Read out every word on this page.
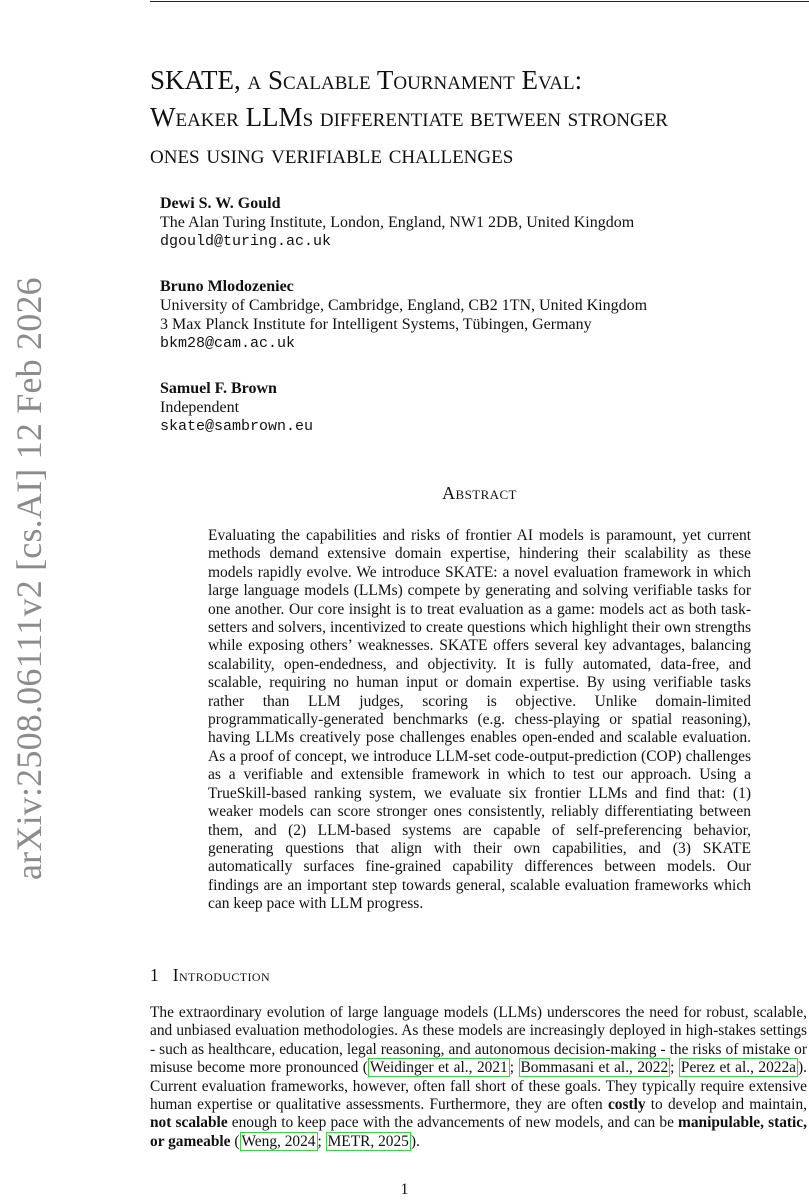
arXiv:2508.06111v2 [cs.AI] 12 Feb 2026
SKATE, a Scalable Tournament Eval:
Weaker LLMs differentiate between stronger
ones using verifiable challenges
Dewi S. W. Gould
The Alan Turing Institute, London, England, NW1 2DB, United Kingdom
dgould@turing.ac.uk
Bruno Mlodozeniec
University of Cambridge, Cambridge, England, CB2 1TN, United Kingdom
3 Max Planck Institute for Intelligent Systems, Tübingen, Germany
bkm28@cam.ac.uk
Samuel F. Brown
Independent
skate@sambrown.eu
Abstract
Evaluating the capabilities and risks of frontier AI models is paramount, yet current methods demand extensive domain expertise, hindering their scalability as these models rapidly evolve. We introduce SKATE: a novel evaluation framework in which large language models (LLMs) compete by generating and solving verifiable tasks for one another. Our core insight is to treat evaluation as a game: models act as both task-setters and solvers, incentivized to create questions which highlight their own strengths while exposing others’ weaknesses. SKATE offers several key advantages, balancing scalability, open-endedness, and objectivity. It is fully automated, data-free, and scalable, requiring no human input or domain expertise. By using verifiable tasks rather than LLM judges, scoring is objective. Unlike domain-limited programmatically-generated benchmarks (e.g. chess-playing or spatial reasoning), having LLMs creatively pose challenges enables open-ended and scalable evaluation. As a proof of concept, we introduce LLM-set code-output-prediction (COP) challenges as a verifiable and extensible framework in which to test our approach. Using a TrueSkill-based ranking system, we evaluate six frontier LLMs and find that: (1) weaker models can score stronger ones consistently, reliably differentiating between them, and (2) LLM-based systems are capable of self-preferencing behavior, generating questions that align with their own capabilities, and (3) SKATE automatically surfaces fine-grained capability differences between models. Our findings are an important step towards general, scalable evaluation frameworks which can keep pace with LLM progress.
1 Introduction
The extraordinary evolution of large language models (LLMs) underscores the need for robust, scalable, and unbiased evaluation methodologies. As these models are increasingly deployed in high-stakes settings - such as healthcare, education, legal reasoning, and autonomous decision-making - the risks of mistake or misuse become more pronounced ( Weidinger et al., 2021 ; Bommasani et al., 2022 ; Perez et al., 2022a ). Current evaluation frameworks, however, often fall short of these goals. They typically require extensive human expertise or qualitative assessments. Furthermore, they are often costly to develop and maintain, not scalable enough to keep pace with the advancements of new models, and can be manipulable, static, or gameable ( Weng, 2024 ; METR, 2025 ).
1
